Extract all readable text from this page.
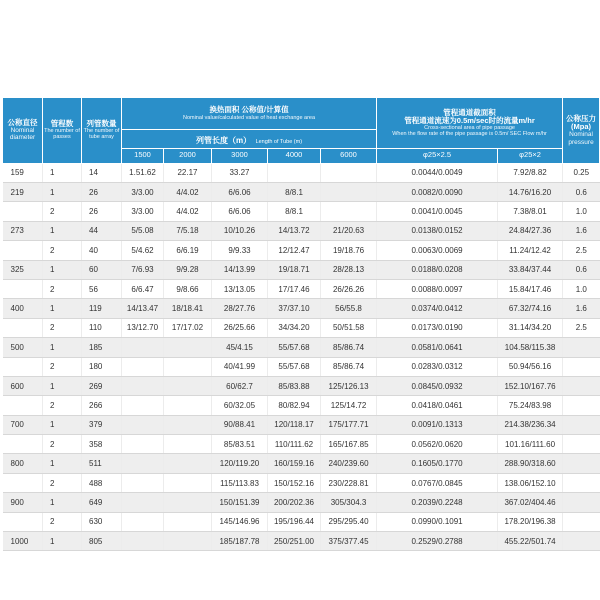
公称直径
Nominal diameter	管程数
The number of passes	列管数量
The number of tube array	换热面积 公称值/计算值
Nominal value/calculated value of heat exchange area					管程通道截面积
管程通道流速为0.5m/sec时的流量m/hr
Cross-sectional area of pipe passage
When the flow rate of the pipe passage is 0.5m/ SEC Flow m/hr		公称压力
(Mpa)
Nominal pressure

			列管长度（m） Length of Tube (m)							
			1500	2000	3000	4000	6000	φ25×2.5	φ25×2	
159	1	14	1.51.62	22.17	33.27			0.0044/0.0049	7.92/8.82	0.25
219	1	26	3/3.00	4/4.02	6/6.06	8/8.1		0.0082/0.0090	14.76/16.20	0.6
	2	26	3/3.00	4/4.02	6/6.06	8/8.1		0.0041/0.0045	7.38/8.01	1.0
273	1	44	5/5.08	7/5.18	10/10.26	14/13.72	21/20.63	0.0138/0.0152	24.84/27.36	1.6
	2	40	5/4.62	6/6.19	9/9.33	12/12.47	19/18.76	0.0063/0.0069	11.24/12.42	2.5
325	1	60	7/6.93	9/9.28	14/13.99	19/18.71	28/28.13	0.0188/0.0208	33.84/37.44	0.6
	2	56	6/6.47	9/8.66	13/13.05	17/17.46	26/26.26	0.0088/0.0097	15.84/17.46	1.0
400	1	119	14/13.47	18/18.41	28/27.76	37/37.10	56/55.8	0.0374/0.0412	67.32/74.16	1.6
	2	110	13/12.70	17/17.02	26/25.66	34/34.20	50/51.58	0.0173/0.0190	31.14/34.20	2.5
500	1	185			45/4.15	55/57.68	85/86.74	0.0581/0.0641	104.58/115.38	
	2	180			40/41.99	55/57.68	85/86.74	0.0283/0.0312	50.94/56.16	
600	1	269			60/62.7	85/83.88	125/126.13	0.0845/0.0932	152.10/167.76	
	2	266			60/32.05	80/82.94	125/14.72	0.0418/0.0461	75.24/83.98	
700	1	379			90/88.41	120/118.17	175/177.71	0.0091/0.1313	214.38/236.34	
	2	358			85/83.51	110/111.62	165/167.85	0.0562/0.0620	101.16/111.60	
800	1	511			120/119.20	160/159.16	240/239.60	0.1605/0.1770	288.90/318.60	
	2	488			115/113.83	150/152.16	230/228.81	0.0767/0.0845	138.06/152.10	
900	1	649			150/151.39	200/202.36	305/304.3	0.2039/0.2248	367.02/404.46	
	2	630			145/146.96	195/196.44	295/295.40	0.0990/0.1091	178.20/196.38	
1000	1	805			185/187.78	250/251.00	375/377.45	0.2529/0.2788	455.22/501.74	
